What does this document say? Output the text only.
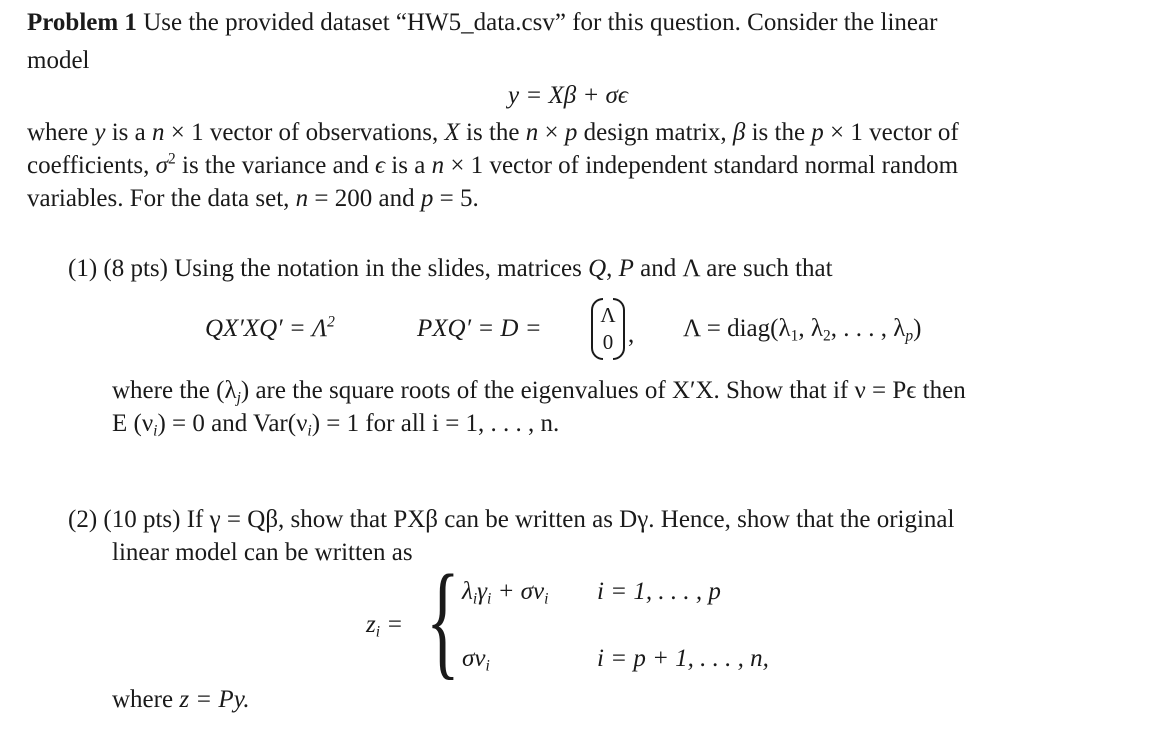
Problem 1 Use the provided dataset “HW5_data.csv” for this question. Consider the linear
model
y = Xβ + σϵ
where y is a n × 1 vector of observations, X is the n × p design matrix, β is the p × 1 vector of
coefficients, $\sigma^2$ is the variance and ϵ is a n × 1 vector of independent standard normal random
variables. For the data set, n = 200 and p = 5.
(1) (8 pts) Using the notation in the slides, matrices Q, P and Λ are such that
$QX'XQ' = \Lambda^2$	PXQ′ = D =	Λ
0 , $\Lambda = diag(\lambda_1$, $\lambda_2$, . . . , $\lambda_p$)
where the $(\lambda_j)$ are the square roots of the eigenvalues of X′X. Show that if ν = Pϵ then
E $(\nu_i) = 0$ and $Var(\nu_i) = 1$ for all i = 1, . . . , n.
(2) (10 pts) If γ = Qβ, show that PXβ can be written as Dγ. Hence, show that the original
linear model can be written as
$z_i$ = { $\lambda_i\gamma_i + \sigma\nu_i$ i = 1, . . . , p
$\sigma\nu_i$	i = p + 1, . . . , n,
where z = Py.
